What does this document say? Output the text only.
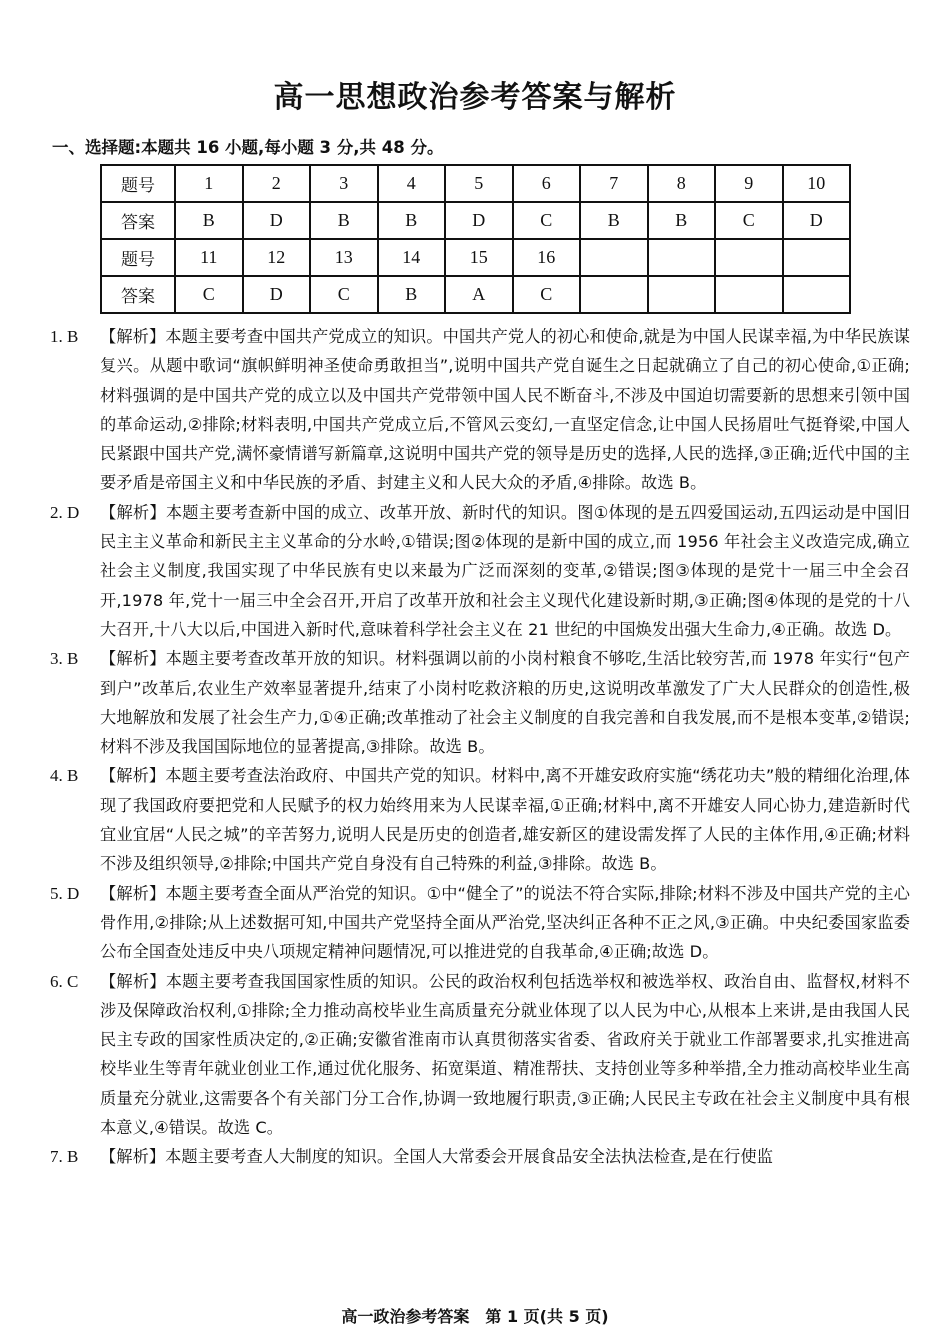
高一思想政治参考答案与解析
一、选择题:本题共 16 小题,每小题 3 分,共 48 分。
题号	1	2	3	4	5	6	7	8	9	10
答案	B	D	B	B	D	C	B	B	C	D
题号	11	12	13	14	15	16				
答案	C	D	C	B	A	C				
1. B 【解析】本题主要考查中国共产党成立的知识。中国共产党人的初心和使命,就是为中国人民谋幸福,为中华民族谋复兴。从题中歌词“旗帜鲜明神圣使命勇敢担当”,说明中国共产党自诞生之日起就确立了自己的初心使命,①正确;材料强调的是中国共产党的成立以及中国共产党带领中国人民不断奋斗,不涉及中国迫切需要新的思想来引领中国的革命运动,②排除;材料表明,中国共产党成立后,不管风云变幻,一直坚定信念,让中国人民扬眉吐气挺脊梁,中国人民紧跟中国共产党,满怀豪情谱写新篇章,这说明中国共产党的领导是历史的选择,人民的选择,③正确;近代中国的主要矛盾是帝国主义和中华民族的矛盾、封建主义和人民大众的矛盾,④排除。故选 B。
2. D 【解析】本题主要考查新中国的成立、改革开放、新时代的知识。图①体现的是五四爱国运动,五四运动是中国旧民主主义革命和新民主主义革命的分水岭,①错误;图②体现的是新中国的成立,而 1956 年社会主义改造完成,确立社会主义制度,我国实现了中华民族有史以来最为广泛而深刻的变革,②错误;图③体现的是党十一届三中全会召开,1978 年,党十一届三中全会召开,开启了改革开放和社会主义现代化建设新时期,③正确;图④体现的是党的十八大召开,十八大以后,中国进入新时代,意味着科学社会主义在 21 世纪的中国焕发出强大生命力,④正确。故选 D。
3. B 【解析】本题主要考查改革开放的知识。材料强调以前的小岗村粮食不够吃,生活比较穷苦,而 1978 年实行“包产到户”改革后,农业生产效率显著提升,结束了小岗村吃救济粮的历史,这说明改革激发了广大人民群众的创造性,极大地解放和发展了社会生产力,①④正确;改革推动了社会主义制度的自我完善和自我发展,而不是根本变革,②错误;材料不涉及我国国际地位的显著提高,③排除。故选 B。
4. B 【解析】本题主要考查法治政府、中国共产党的知识。材料中,离不开雄安政府实施“绣花功夫”般的精细化治理,体现了我国政府要把党和人民赋予的权力始终用来为人民谋幸福,①正确;材料中,离不开雄安人同心协力,建造新时代宜业宜居“人民之城”的辛苦努力,说明人民是历史的创造者,雄安新区的建设需发挥了人民的主体作用,④正确;材料不涉及组织领导,②排除;中国共产党自身没有自己特殊的利益,③排除。故选 B。
5. D 【解析】本题主要考查全面从严治党的知识。①中“健全了”的说法不符合实际,排除;材料不涉及中国共产党的主心骨作用,②排除;从上述数据可知,中国共产党坚持全面从严治党,坚决纠正各种不正之风,③正确。中央纪委国家监委公布全国查处违反中央八项规定精神问题情况,可以推进党的自我革命,④正确;故选 D。
6. C 【解析】本题主要考查我国国家性质的知识。公民的政治权利包括选举权和被选举权、政治自由、监督权,材料不涉及保障政治权利,①排除;全力推动高校毕业生高质量充分就业体现了以人民为中心,从根本上来讲,是由我国人民民主专政的国家性质决定的,②正确;安徽省淮南市认真贯彻落实省委、省政府关于就业工作部署要求,扎实推进高校毕业生等青年就业创业工作,通过优化服务、拓宽渠道、精准帮扶、支持创业等多种举措,全力推动高校毕业生高质量充分就业,这需要各个有关部门分工合作,协调一致地履行职责,③正确;人民民主专政在社会主义制度中具有根本意义,④错误。故选 C。
7. B 【解析】本题主要考查人大制度的知识。全国人大常委会开展食品安全法执法检查,是在行使监
高一政治参考答案　第 1 页(共 5 页)
